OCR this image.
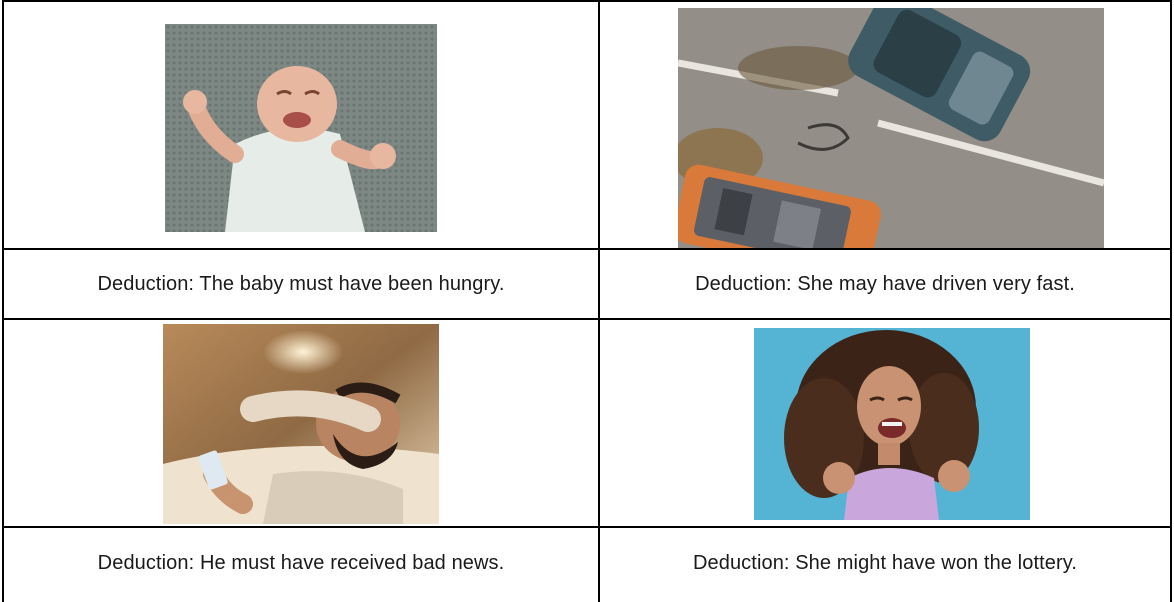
Deduction: The baby must have been hungry.	Deduction: She may have driven very fast.
Deduction: He must have received bad news.	Deduction: She might have won the lottery.
